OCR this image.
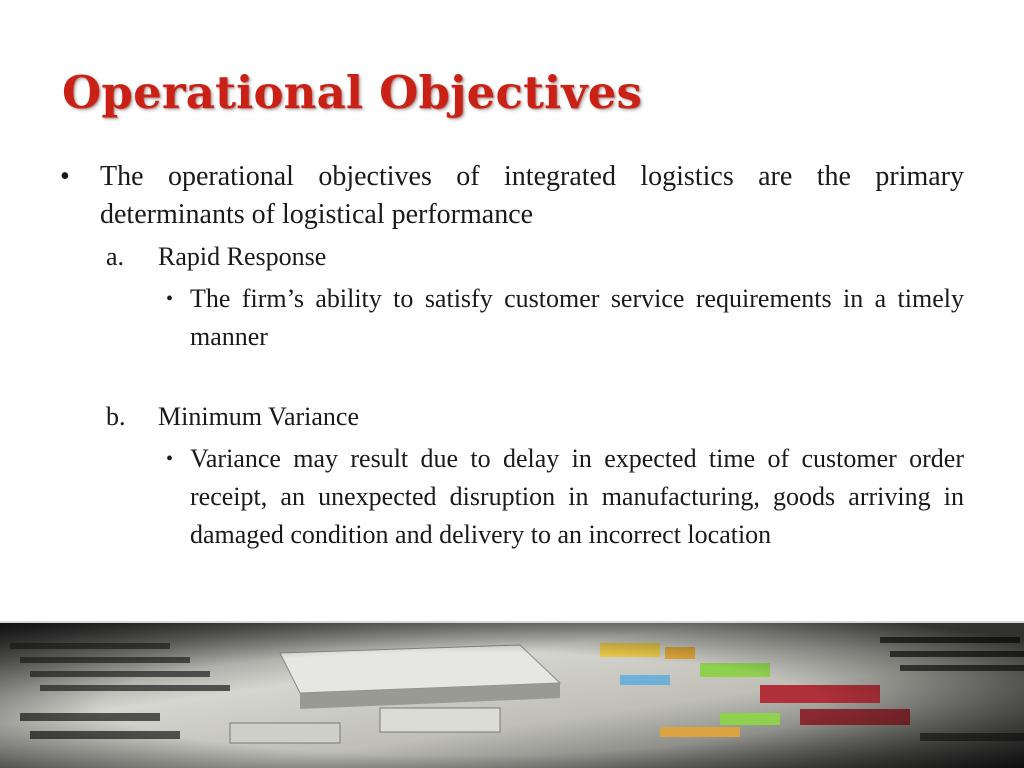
Operational Objectives

• The operational objectives of integrated logistics are the primary determinants of logistical performance

a. Rapid Response

• The firm’s ability to satisfy customer service requirements in a timely manner

b. Minimum Variance

• Variance may result due to delay in expected time of customer order receipt, an unexpected disruption in manufacturing, goods arriving in damaged condition and delivery to an incorrect location
